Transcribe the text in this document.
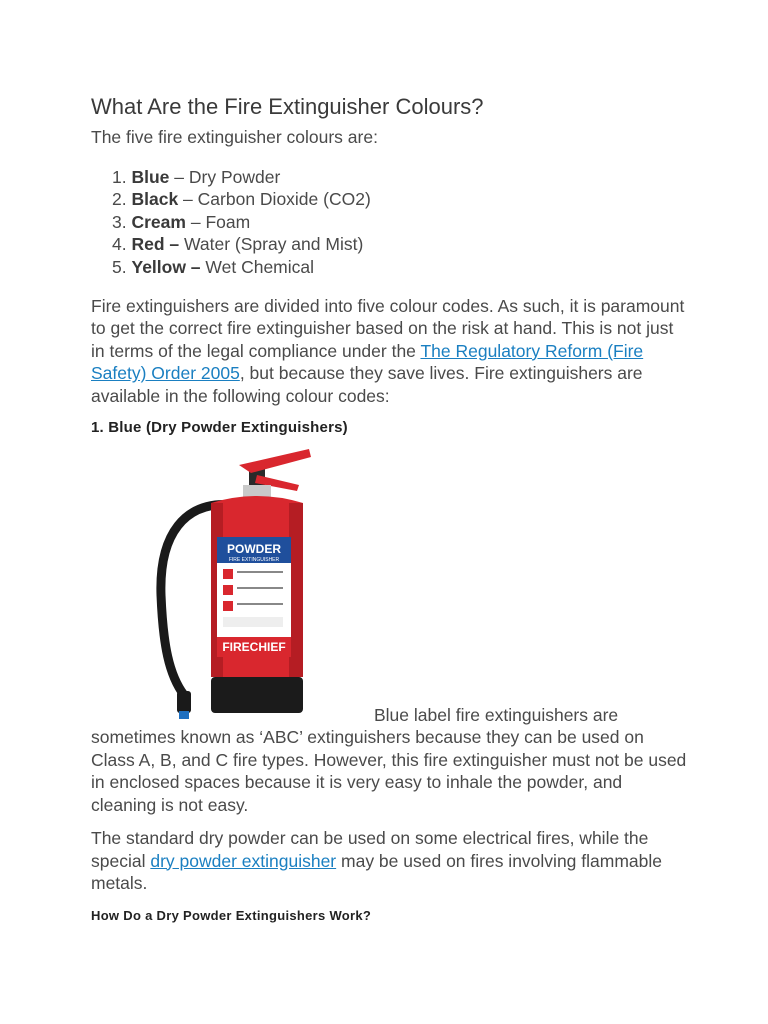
What Are the Fire Extinguisher Colours?

The five fire extinguisher colours are:

1. Blue – Dry Powder
2. Black – Carbon Dioxide (CO2)
3. Cream – Foam
4. Red – Water (Spray and Mist)
5. Yellow – Wet Chemical

Fire extinguishers are divided into five colour codes. As such, it is paramount to get the correct fire extinguisher based on the risk at hand. This is not just in terms of the legal compliance under the The Regulatory Reform (Fire Safety) Order 2005, but because they save lives. Fire extinguishers are available in the following colour codes:

1. Blue (Dry Powder Extinguishers)
POWDER
FIRE EXTINGUISHER
FIRECHIEF

Blue label fire extinguishers are sometimes known as ‘ABC’ extinguishers because they can be used on Class A, B, and C fire types. However, this fire extinguisher must not be used in enclosed spaces because it is very easy to inhale the powder, and cleaning is not easy.

The standard dry powder can be used on some electrical fires, while the special dry powder extinguisher may be used on fires involving flammable metals.

How Do a Dry Powder Extinguishers Work?
